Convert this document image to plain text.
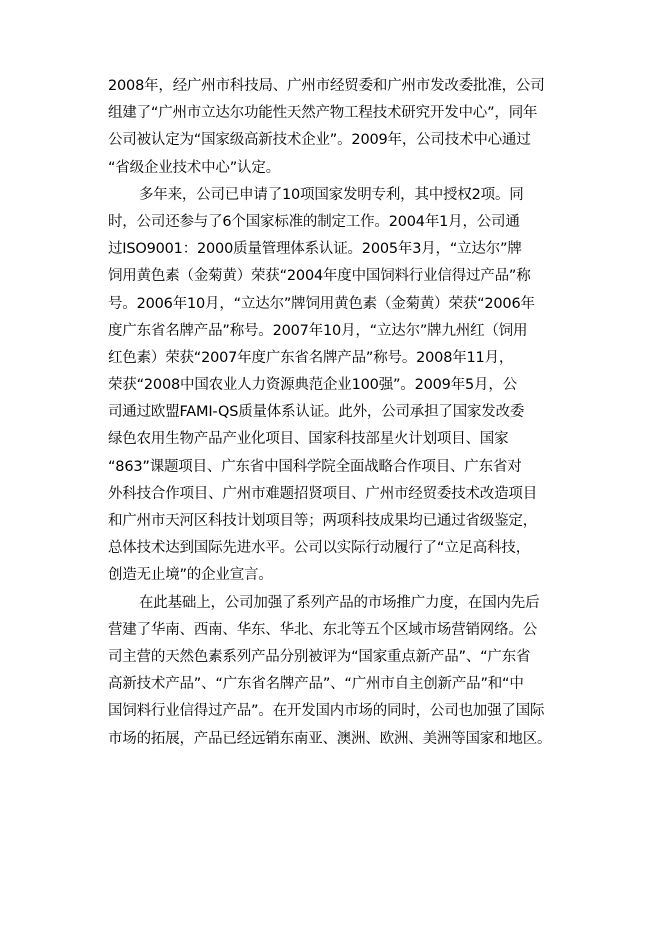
2008年，经广州市科技局、广州市经贸委和广州市发改委批准，公司
组建了“广州市立达尔功能性天然产物工程技术研究开发中心”，同年
公司被认定为“国家级高新技术企业”。2009年，公司技术中心通过
“省级企业技术中心”认定。
多年来，公司已申请了10项国家发明专利，其中授权2项。同
时，公司还参与了6个国家标准的制定工作。2004年1月，公司通
过ISO9001：2000质量管理体系认证。2005年3月，“立达尔”牌
饲用黄色素（金菊黄）荣获“2004年度中国饲料行业信得过产品”称
号。2006年10月，“立达尔”牌饲用黄色素（金菊黄）荣获“2006年
度广东省名牌产品”称号。2007年10月，“立达尔”牌九州红（饲用
红色素）荣获“2007年度广东省名牌产品”称号。2008年11月，
荣获“2008中国农业人力资源典范企业100强”。2009年5月，公
司通过欧盟FAMI-QS质量体系认证。此外，公司承担了国家发改委
绿色农用生物产品产业化项目、国家科技部星火计划项目、国家
“863”课题项目、广东省中国科学院全面战略合作项目、广东省对
外科技合作项目、广州市难题招贤项目、广州市经贸委技术改造项目
和广州市天河区科技计划项目等；两项科技成果均已通过省级鉴定，
总体技术达到国际先进水平。公司以实际行动履行了“立足高科技，
创造无止境”的企业宣言。
在此基础上，公司加强了系列产品的市场推广力度，在国内先后
营建了华南、西南、华东、华北、东北等五个区域市场营销网络。公
司主营的天然色素系列产品分别被评为“国家重点新产品”、“广东省
高新技术产品”、“广东省名牌产品”、“广州市自主创新产品”和“中
国饲料行业信得过产品”。在开发国内市场的同时，公司也加强了国际
市场的拓展，产品已经远销东南亚、澳洲、欧洲、美洲等国家和地区。
